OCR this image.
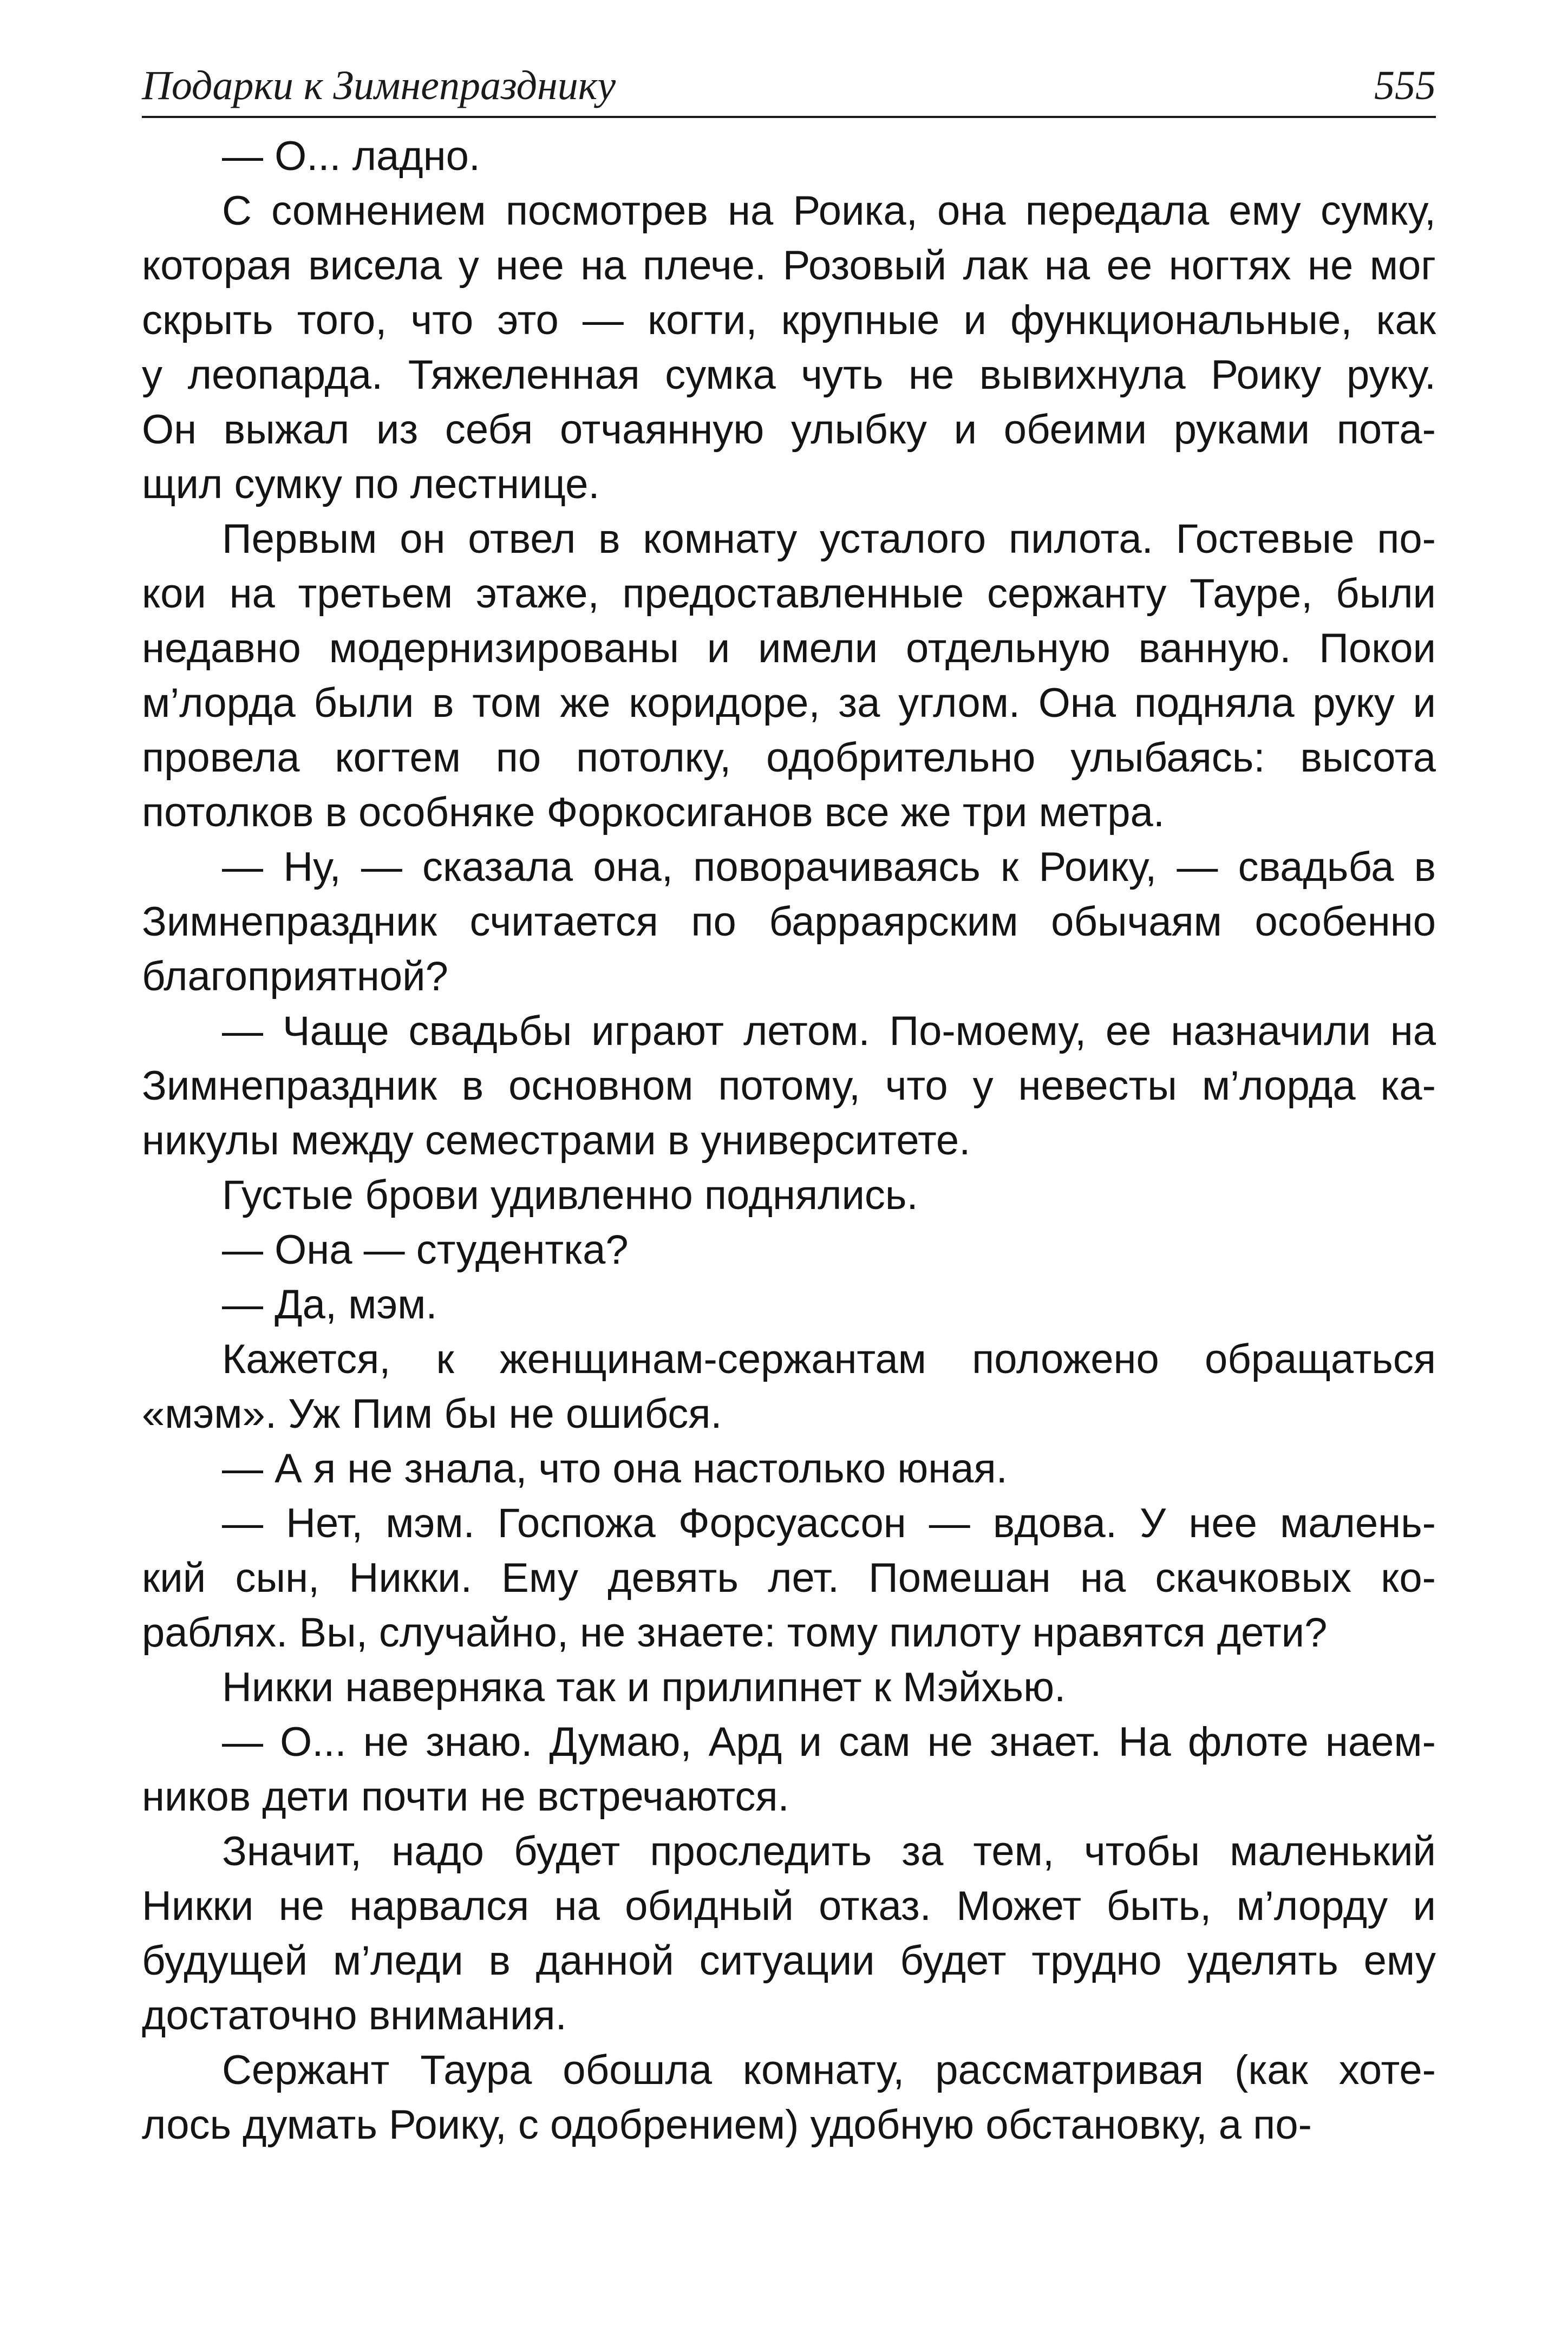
Подарки к Зимнепразднику	555
— О... ладно.
С сомнением посмотрев на Роика, она передала ему сумку,
которая висела у нее на плече. Розовый лак на ее ногтях не мог
скрыть того, что это — когти, крупные и функциональные, как
у леопарда. Тяжеленная сумка чуть не вывихнула Роику руку.
Он выжал из себя отчаянную улыбку и обеими руками пота-
щил сумку по лестнице.
Первым он отвел в комнату усталого пилота. Гостевые по-
кои на третьем этаже, предоставленные сержанту Тауре, были
недавно модернизированы и имели отдельную ванную. Покои
м’лорда были в том же коридоре, за углом. Она подняла руку и
провела когтем по потолку, одобрительно улыбаясь: высота
потолков в особняке Форкосиганов все же три метра.
— Ну, — сказала она, поворачиваясь к Роику, — свадьба в
Зимнепраздник считается по барраярским обычаям особенно
благоприятной?
— Чаще свадьбы играют летом. По-моему, ее назначили на
Зимнепраздник в основном потому, что у невесты м’лорда ка-
никулы между семестрами в университете.
Густые брови удивленно поднялись.
— Она — студентка?
— Да, мэм.
Кажется, к женщинам-сержантам положено обращаться
«мэм». Уж Пим бы не ошибся.
— А я не знала, что она настолько юная.
— Нет, мэм. Госпожа Форсуассон — вдова. У нее малень-
кий сын, Никки. Ему девять лет. Помешан на скачковых ко-
раблях. Вы, случайно, не знаете: тому пилоту нравятся дети?
Никки наверняка так и прилипнет к Мэйхью.
— О... не знаю. Думаю, Ард и сам не знает. На флоте наем-
ников дети почти не встречаются.
Значит, надо будет проследить за тем, чтобы маленький
Никки не нарвался на обидный отказ. Может быть, м’лорду и
будущей м’леди в данной ситуации будет трудно уделять ему
достаточно внимания.
Сержант Таура обошла комнату, рассматривая (как хоте-
лось думать Роику, с одобрением) удобную обстановку, а по-
